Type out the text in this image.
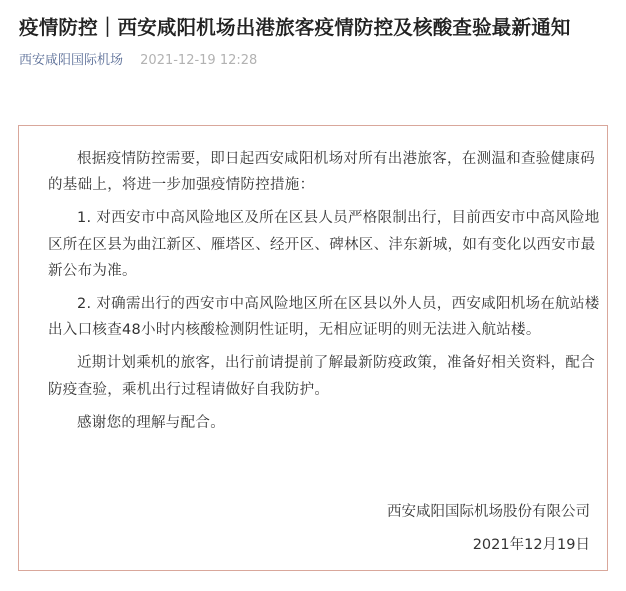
疫情防控｜西安咸阳机场出港旅客疫情防控及核酸查验最新通知
西安咸阳国际机场 2021-12-19 12:28

根据疫情防控需要，即日起西安咸阳机场对所有出港旅客，在测温和查验健康码的基础上，将进一步加强疫情防控措施：

1. 对西安市中高风险地区及所在区县人员严格限制出行，目前西安市中高风险地区所在区县为曲江新区、雁塔区、经开区、碑林区、沣东新城，如有变化以西安市最新公布为准。

2. 对确需出行的西安市中高风险地区所在区县以外人员，西安咸阳机场在航站楼出入口核查48小时内核酸检测阴性证明，无相应证明的则无法进入航站楼。

近期计划乘机的旅客，出行前请提前了解最新防疫政策，准备好相关资料，配合防疫查验，乘机出行过程请做好自我防护。

感谢您的理解与配合。

西安咸阳国际机场股份有限公司
2021年12月19日
